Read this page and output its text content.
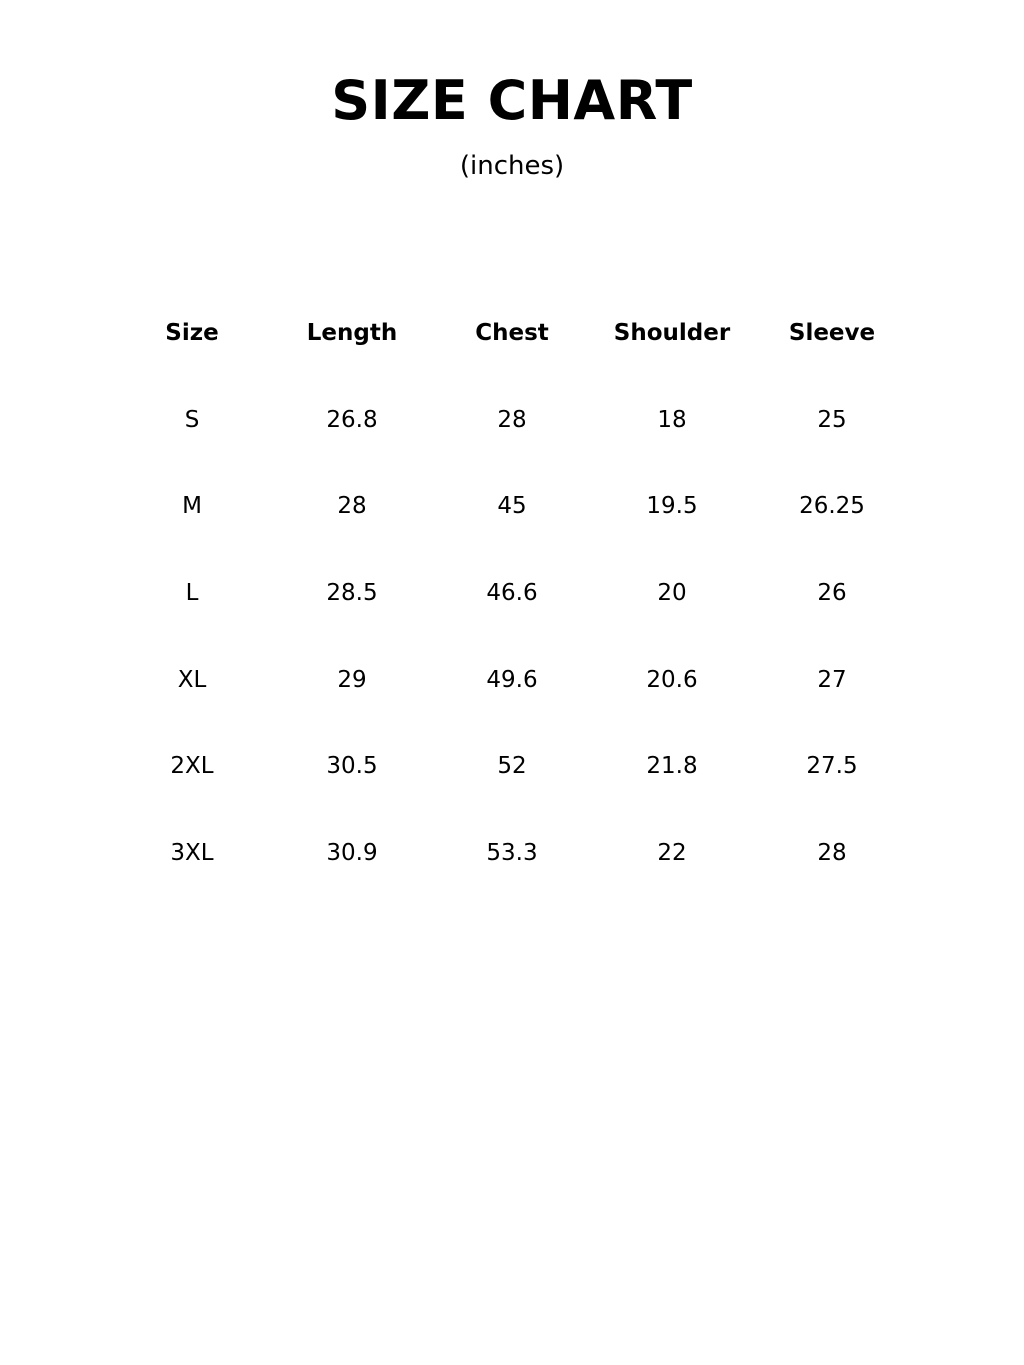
SIZE CHART
(inches)
Size	Length	Chest	Shoulder	Sleeve
S	26.8	28	18	25
M	28	45	19.5	26.25
L	28.5	46.6	20	26
XL	29	49.6	20.6	27
2XL	30.5	52	21.8	27.5
3XL	30.9	53.3	22	28
